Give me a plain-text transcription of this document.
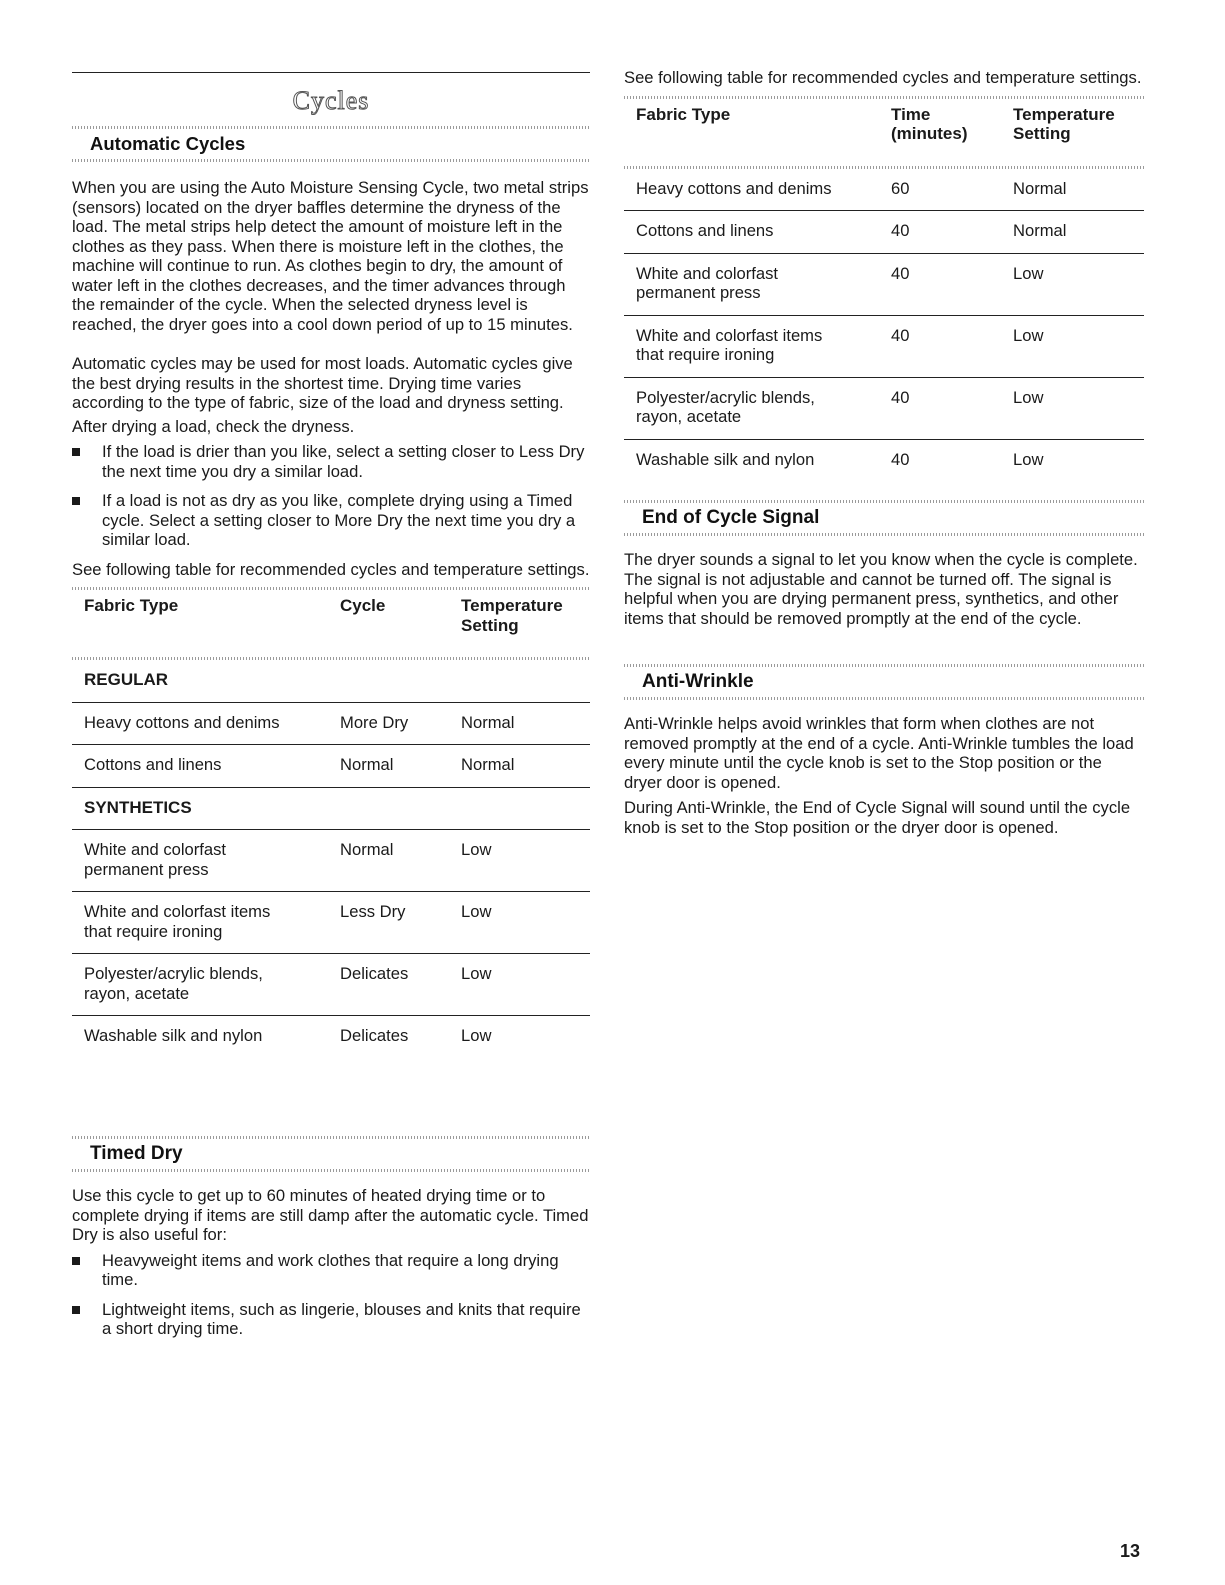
Cycles
Automatic Cycles

When you are using the Auto Moisture Sensing Cycle, two metal strips (sensors) located on the dryer baffles determine the dryness of the load. The metal strips help detect the amount of moisture left in the clothes as they pass. When there is moisture left in the clothes, the machine will continue to run. As clothes begin to dry, the amount of water left in the clothes decreases, and the timer advances through the remainder of the cycle. When the selected dryness level is reached, the dryer goes into a cool down period of up to 15 minutes.

Automatic cycles may be used for most loads. Automatic cycles give the best drying results in the shortest time. Drying time varies according to the type of fabric, size of the load and dryness setting.

After drying a load, check the dryness.

If the load is drier than you like, select a setting closer to Less Dry the next time you dry a similar load.
If a load is not as dry as you like, complete drying using a Timed cycle. Select a setting closer to More Dry the next time you dry a similar load.

See following table for recommended cycles and temperature settings.

Fabric Type	Cycle	Temperature Setting
REGULAR		
Heavy cottons and denims	More Dry	Normal
Cottons and linens	Normal	Normal
SYNTHETICS		
White and colorfast permanent press	Normal	Low
White and colorfast items that require ironing	Less Dry	Low
Polyester/acrylic blends, rayon, acetate	Delicates	Low
Washable silk and nylon	Delicates	Low
Timed Dry

Use this cycle to get up to 60 minutes of heated drying time or to complete drying if items are still damp after the automatic cycle. Timed Dry is also useful for:

Heavyweight items and work clothes that require a long drying time.
Lightweight items, such as lingerie, blouses and knits that require a short drying time.

See following table for recommended cycles and temperature settings.

Fabric Type	Time (minutes)	Temperature Setting
Heavy cottons and denims	60	Normal
Cottons and linens	40	Normal
White and colorfast permanent press	40	Low
White and colorfast items that require ironing	40	Low
Polyester/acrylic blends, rayon, acetate	40	Low
Washable silk and nylon	40	Low
End of Cycle Signal

The dryer sounds a signal to let you know when the cycle is complete. The signal is not adjustable and cannot be turned off. The signal is helpful when you are drying permanent press, synthetics, and other items that should be removed promptly at the end of the cycle.

Anti-Wrinkle

Anti-Wrinkle helps avoid wrinkles that form when clothes are not removed promptly at the end of a cycle. Anti-Wrinkle tumbles the load every minute until the cycle knob is set to the Stop position or the dryer door is opened.

During Anti-Wrinkle, the End of Cycle Signal will sound until the cycle knob is set to the Stop position or the dryer door is opened.

13
